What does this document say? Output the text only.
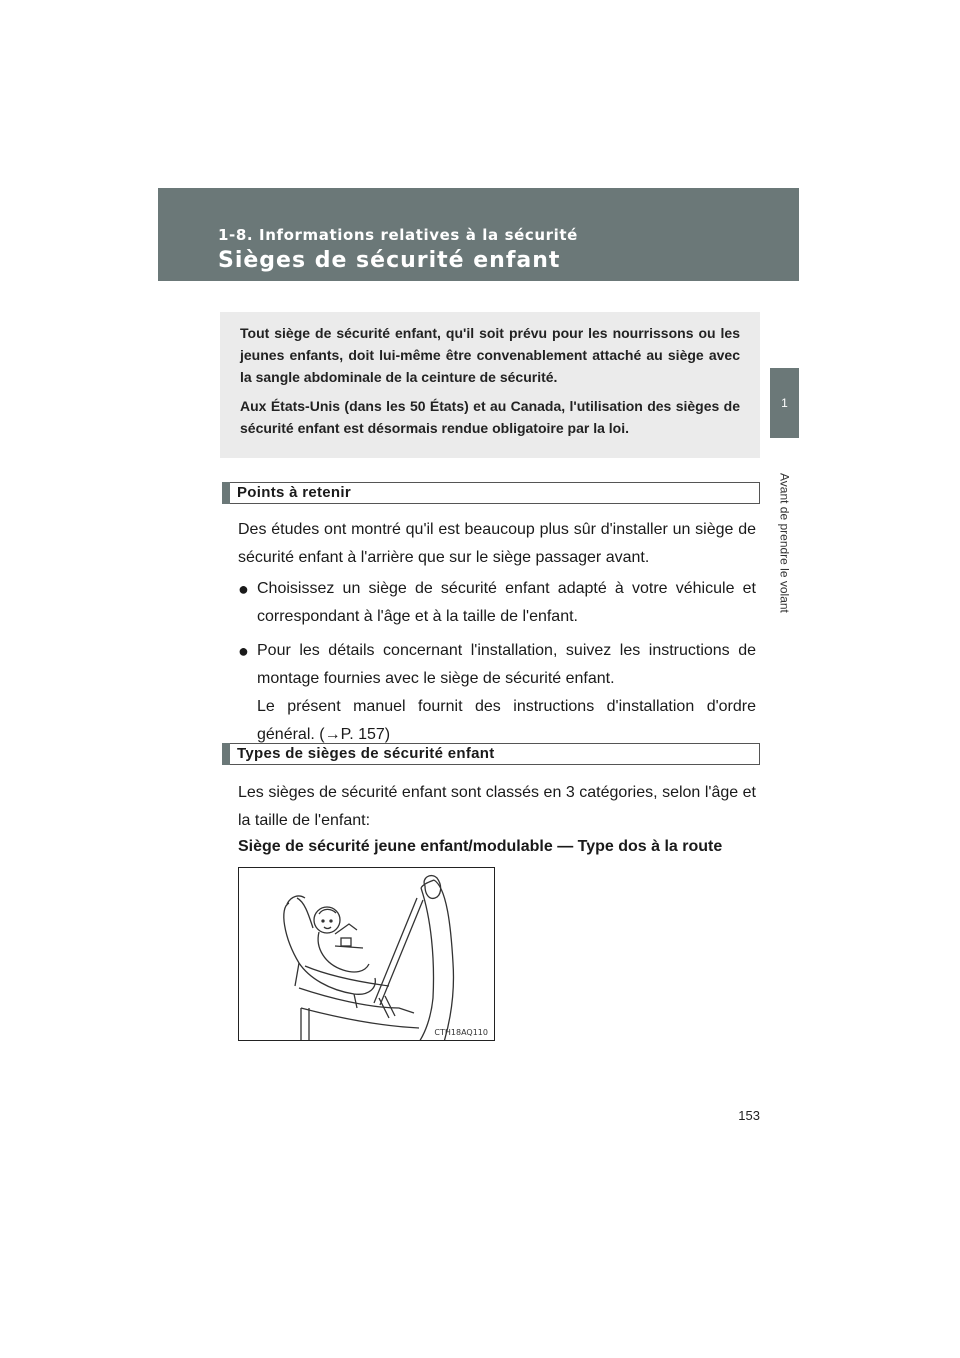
1-8. Informations relatives à la sécurité
Sièges de sécurité enfant
1
Avant de prendre le volant

Tout siège de sécurité enfant, qu'il soit prévu pour les nourrissons ou les jeunes enfants, doit lui-même être convenablement attaché au siège avec la sangle abdominale de la ceinture de sécurité.

Aux États-Unis (dans les 50 États) et au Canada, l'utilisation des sièges de sécurité enfant est désormais rendue obligatoire par la loi.

Points à retenir

Des études ont montré qu'il est beaucoup plus sûr d'installer un siège de sécurité enfant à l'arrière que sur le siège passager avant.

● Choisissez un siège de sécurité enfant adapté à votre véhicule et correspondant à l'âge et à la taille de l'enfant.
● Pour les détails concernant l'installation, suivez les instructions de montage fournies avec le siège de sécurité enfant.
Le présent manuel fournit des instructions d'installation d'ordre général. (→P. 157)
Types de sièges de sécurité enfant

Les sièges de sécurité enfant sont classés en 3 catégories, selon l'âge et la taille de l'enfant:

Siège de sécurité jeune enfant/modulable — Type dos à la route
CTH18AQ110
153
